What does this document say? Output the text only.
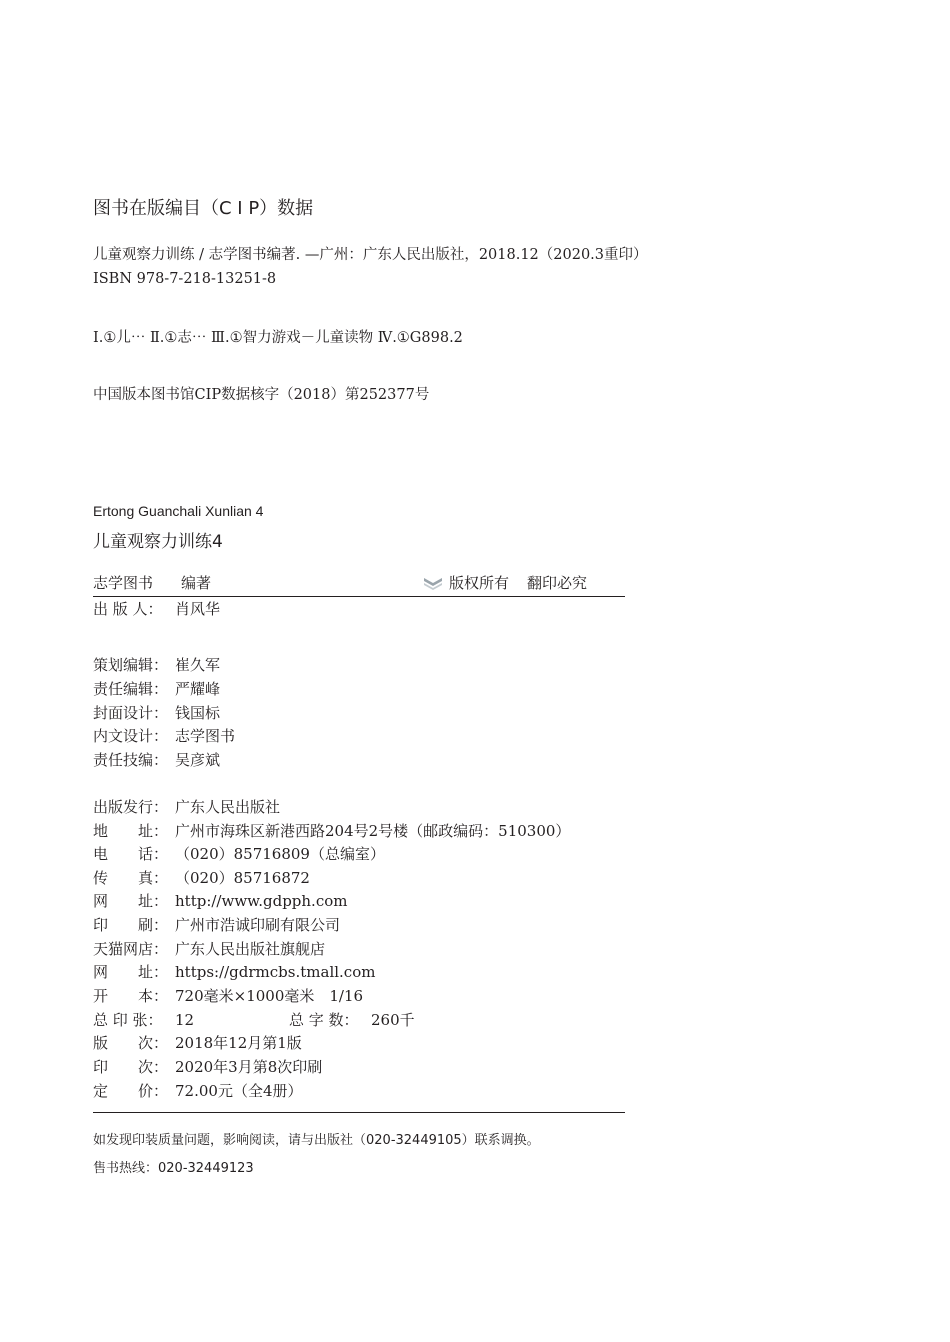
图书在版编目（C I P）数据
儿童观察力训练 / 志学图书编著. —广州：广东人民出版社，2018.12（2020.3重印）
ISBN 978-7-218-13251-8
Ⅰ.①儿⋯ Ⅱ.①志⋯ Ⅲ.①智力游戏－儿童读物 Ⅳ.①G898.2
中国版本图书馆CIP数据核字（2018）第252377号
Ertong Guanchali Xunlian 4
儿童观察力训练4
志学图书 编著	版权所有 翻印必究
出 版 人： 肖风华
策划编辑： 崔久军
责任编辑： 严耀峰
封面设计： 钱国标
内文设计： 志学图书
责任技编： 吴彦斌
出版发行： 广东人民出版社
地　　址： 广州市海珠区新港西路204号2号楼（邮政编码：510300）
电　　话： （020）85716809（总编室）
传　　真： （020）85716872
网　　址： http://www.gdpph.com
印　　刷： 广州市浩诚印刷有限公司
天猫网店： 广东人民出版社旗舰店
网　　址： https://gdrmcbs.tmall.com
开　　本： 720毫米×1000毫米　1/16
总 印 张： 12	总 字 数： 260千
版　　次： 2018年12月第1版
印　　次： 2020年3月第8次印刷
定　　价： 72.00元（全4册）
如发现印装质量问题，影响阅读，请与出版社（020-32449105）联系调换。
售书热线：020-32449123
